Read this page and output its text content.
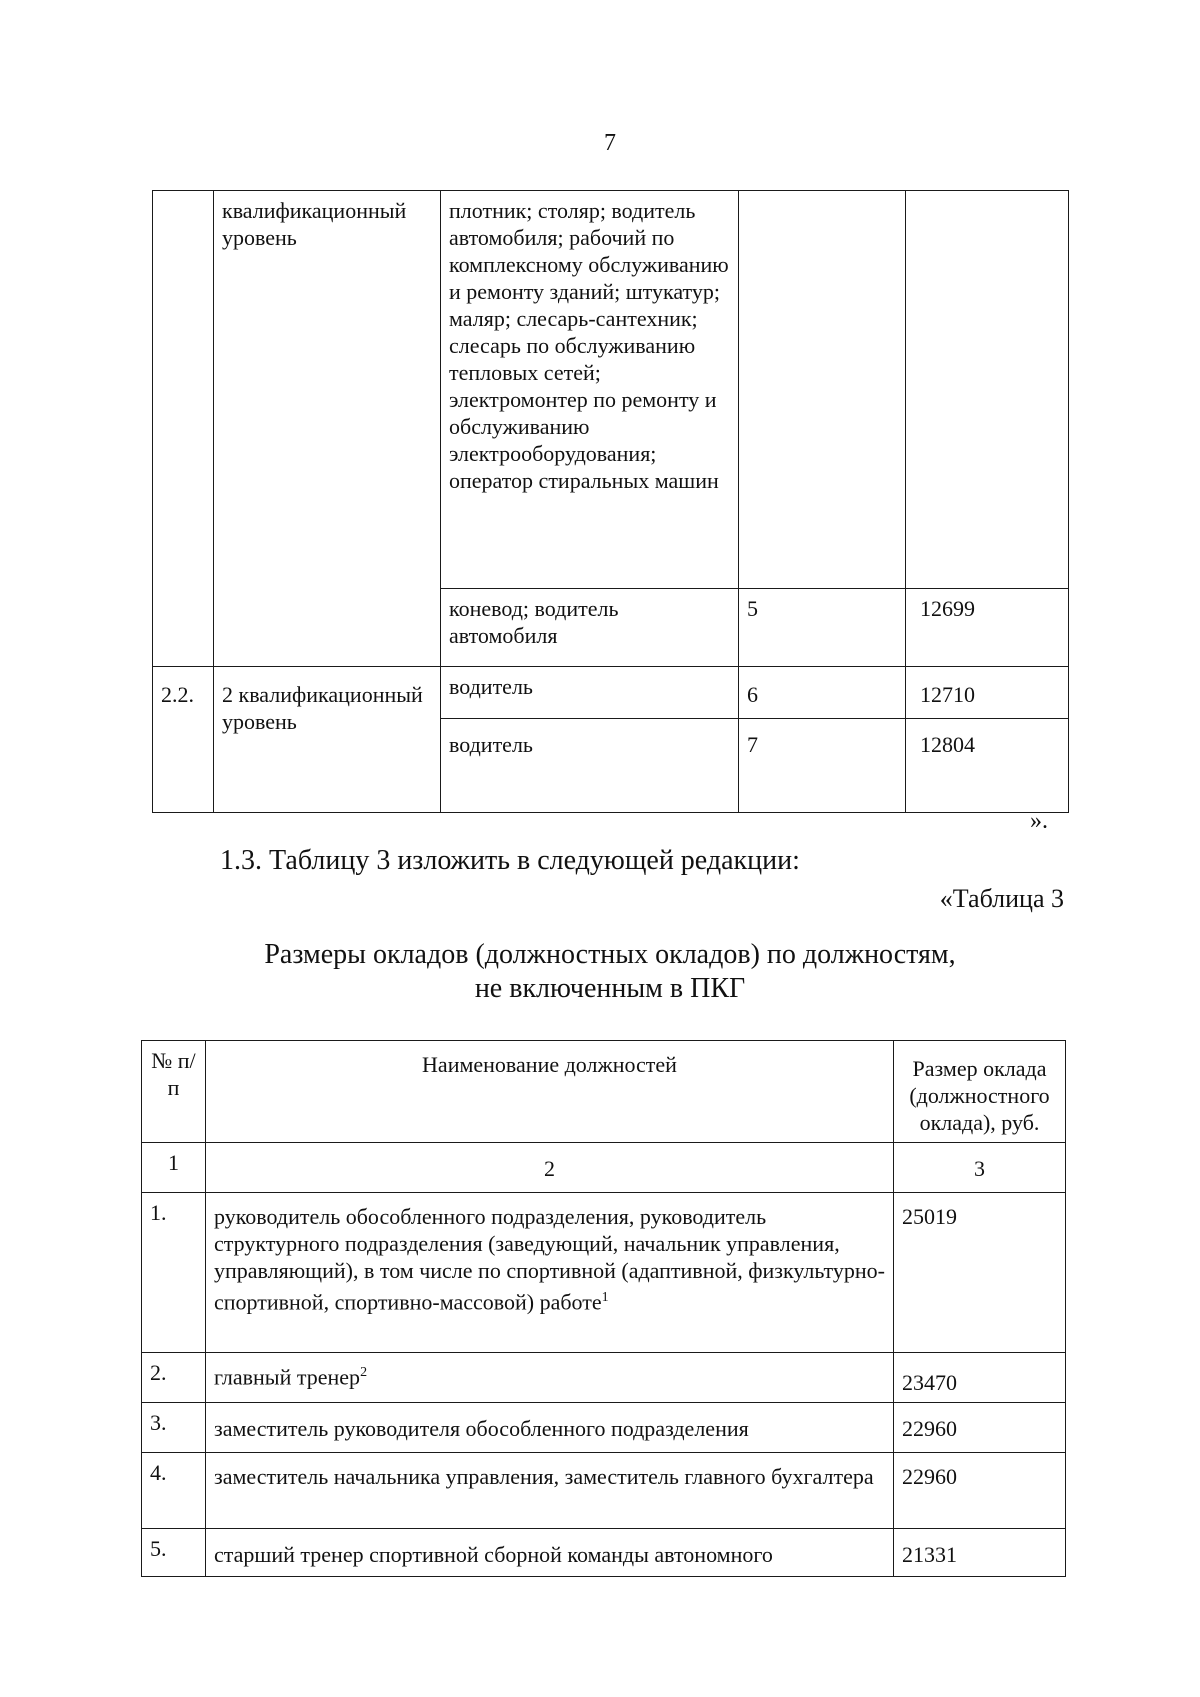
7

	квалификационный уровень	плотник; столяр; водитель автомобиля; рабочий по комплексному обслуживанию и ремонту зданий; штукатур; маляр; слесарь-сантехник; слесарь по обслуживанию тепловых сетей; электромонтер по ремонту и обслуживанию электрооборудования; оператор стиральных машин		

		коневод; водитель автомобиля	5	12699

2.2.	2 квалификационный уровень	водитель	6	12710

		водитель	7	12804
».
1.3. Таблицу 3 изложить в следующей редакции:
«Таблица 3
Размеры окладов (должностных окладов) по должностям,
не включенным в ПКГ
№ п/п	Наименование должностей	Размер оклада (должностного оклада), руб.

1	2	3

1.	руководитель обособленного подразделения, руководитель структурного подразделения (заведующий, начальник управления, управляющий), в том числе по спортивной (адаптивной, физкультурно-спортивной, спортивно-массовой) работе$^1$	25019

2.	главный тренер$^2$	23470

3.	заместитель руководителя обособленного подразделения	22960

4.	заместитель начальника управления, заместитель главного бухгалтера	22960

5.	старший тренер спортивной сборной команды автономного	21331
